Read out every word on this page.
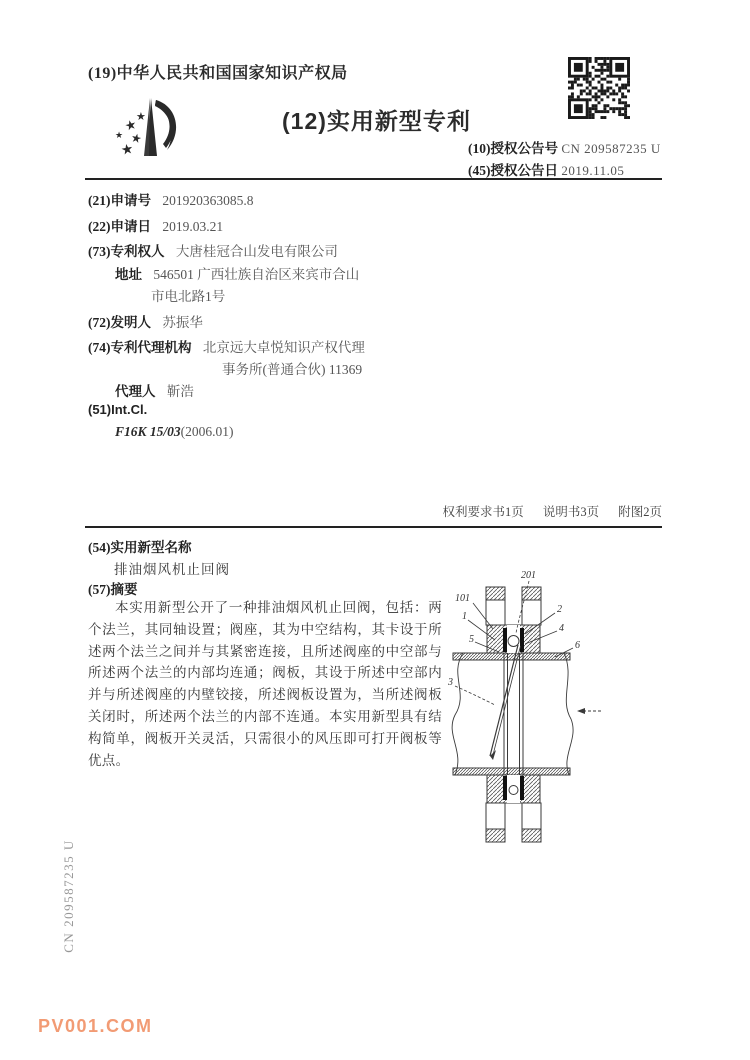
(19)中华人民共和国国家知识产权局
★
★
★ ★
★
(12)实用新型专利
(10)授权公告号 CN 209587235 U
(45)授权公告日 2019.11.05
(21)申请号 201920363085.8
(22)申请日 2019.03.21
(73)专利权人 大唐桂冠合山发电有限公司
地址 546501 广西壮族自治区来宾市合山
市电北路1号
(72)发明人 苏振华
(74)专利代理机构 北京远大卓悦知识产权代理
事务所(普通合伙) 11369
代理人 靳浩
(51)Int.Cl.
F16K 15/03(2006.01)
权利要求书1页 说明书3页 附图2页
(54)实用新型名称
排油烟风机止回阀
(57)摘要
本实用新型公开了一种排油烟风机止回阀，包括：两个法兰，其同轴设置；阀座，其为中空结构，其卡设于所述两个法兰之间并与其紧密连接，且所述阀座的中空部与所述两个法兰的内部均连通；阀板，其设于所述中空部内并与所述阀座的内壁铰接，所述阀板设置为，当所述阀板关闭时，所述两个法兰的内部不连通。本实用新型具有结构简单，阀板开关灵活，只需很小的风压即可打开阀板等优点。
201
101
1
2
4
5
6
3
CN 209587235 U
PV001.COM
